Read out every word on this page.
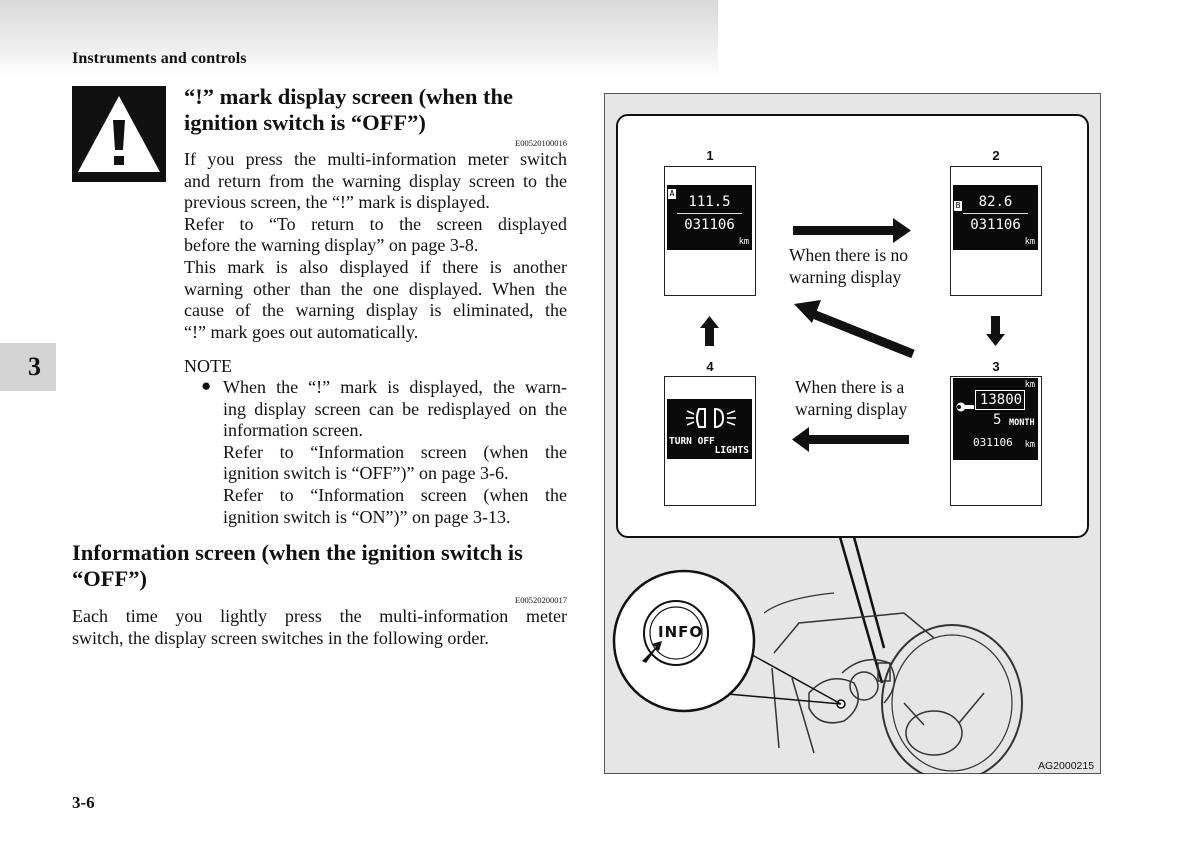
Instruments and controls
3
“!” mark display screen (when the
ignition switch is “OFF”)
E00520100016
If you press the multi-information meter switch
and return from the warning display screen to the
previous screen, the “!” mark is displayed.
Refer to “To return to the screen displayed
before the warning display” on page 3-8.
This mark is also displayed if there is another
warning other than the one displayed. When the
cause of the warning display is eliminated, the
“!” mark goes out automatically.
NOTE
● When the “!” mark is displayed, the warn-
ing display screen can be redisplayed on the
information screen.
Refer to “Information screen (when the
ignition switch is “OFF”)” on page 3-6.
Refer to “Information screen (when the
ignition switch is “ON”)” on page 3-13.
Information screen (when the ignition switch is
“OFF”)
E00520200017
Each time you lightly press the multi-information meter
switch, the display screen switches in the following order.	INFO
1	2
3
4
A
111.5
031106
km
B	82.6
031106
km
km
13800
5 MONTH
031106 km
TURN OFF
LIGHTS
When there is no
warning display
When there is a
warning display
AG2000215
3-6
